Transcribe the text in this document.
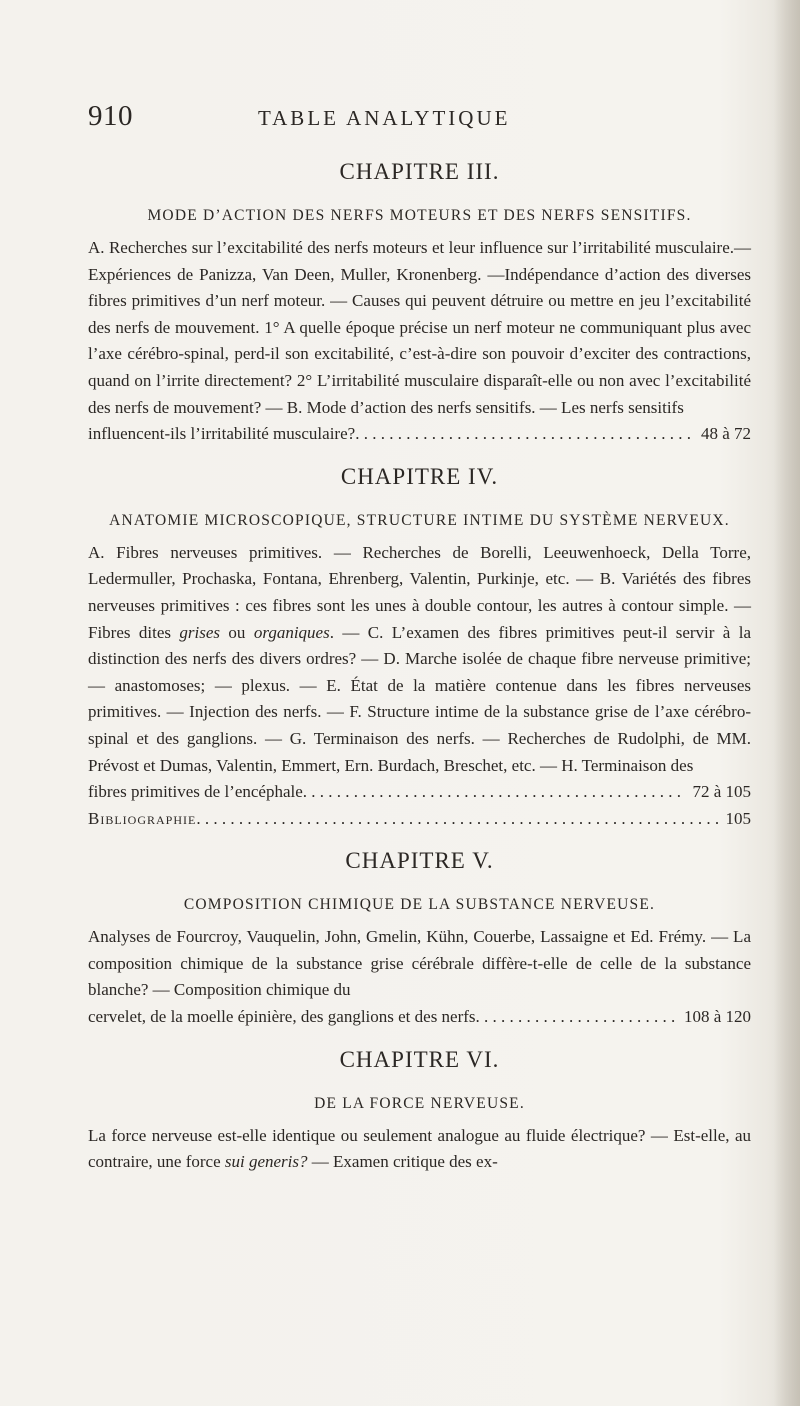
910	TABLE ANALYTIQUE
CHAPITRE III.
MODE D’ACTION DES NERFS MOTEURS ET DES NERFS SENSITIFS.

A. Recherches sur l’excitabilité des nerfs moteurs et leur influence sur l’irritabilité musculaire.—Expériences de Panizza, Van Deen, Muller, Kronenberg. —Indépendance d’action des diverses fibres primitives d’un nerf moteur. — Causes qui peuvent détruire ou mettre en jeu l’excitabilité des nerfs de mouvement. 1° A quelle époque précise un nerf moteur ne communiquant plus avec l’axe cérébro-spinal, perd-il son excitabilité, c’est-à-dire son pouvoir d’exciter des contractions, quand on l’irrite directement? 2° L’irritabilité musculaire disparaît-elle ou non avec l’excitabilité des nerfs de mouvement? — B. Mode d’action des nerfs sensitifs. — Les nerfs sensitifs

influencent-ils l’irritabilité musculaire? . . .	48 à 72
CHAPITRE IV.
ANATOMIE MICROSCOPIQUE, STRUCTURE INTIME DU SYSTÈME NERVEUX.

A. Fibres nerveuses primitives. — Recherches de Borelli, Leeuwenhoeck, Della Torre, Ledermuller, Prochaska, Fontana, Ehrenberg, Valentin, Purkinje, etc. — B. Variétés des fibres nerveuses primitives : ces fibres sont les unes à double contour, les autres à contour simple. — Fibres dites grises ou organiques. — C. L’examen des fibres primitives peut-il servir à la distinction des nerfs des divers ordres? — D. Marche isolée de chaque fibre nerveuse primitive; — anastomoses; — plexus. — E. État de la matière contenue dans les fibres nerveuses primitives. — Injection des nerfs. — F. Structure intime de la substance grise de l’axe cérébro-spinal et des ganglions. — G. Terminaison des nerfs. — Recherches de Rudolphi, de MM. Prévost et Dumas, Valentin, Emmert, Ern. Burdach, Breschet, etc. — H. Terminaison des

fibres primitives de l’encéphale . . .	72 à 105
Bibliographie . . .	105
CHAPITRE V.
COMPOSITION CHIMIQUE DE LA SUBSTANCE NERVEUSE.

Analyses de Fourcroy, Vauquelin, John, Gmelin, Kühn, Couerbe, Lassaigne et Ed. Frémy. — La composition chimique de la substance grise cérébrale diffère-t-elle de celle de la substance blanche? — Composition chimique du

cervelet, de la moelle épinière, des ganglions et des nerfs . . .	108 à 120
CHAPITRE VI.
DE LA FORCE NERVEUSE.

La force nerveuse est-elle identique ou seulement analogue au fluide électrique? — Est-elle, au contraire, une force sui generis? — Examen critique des ex-
